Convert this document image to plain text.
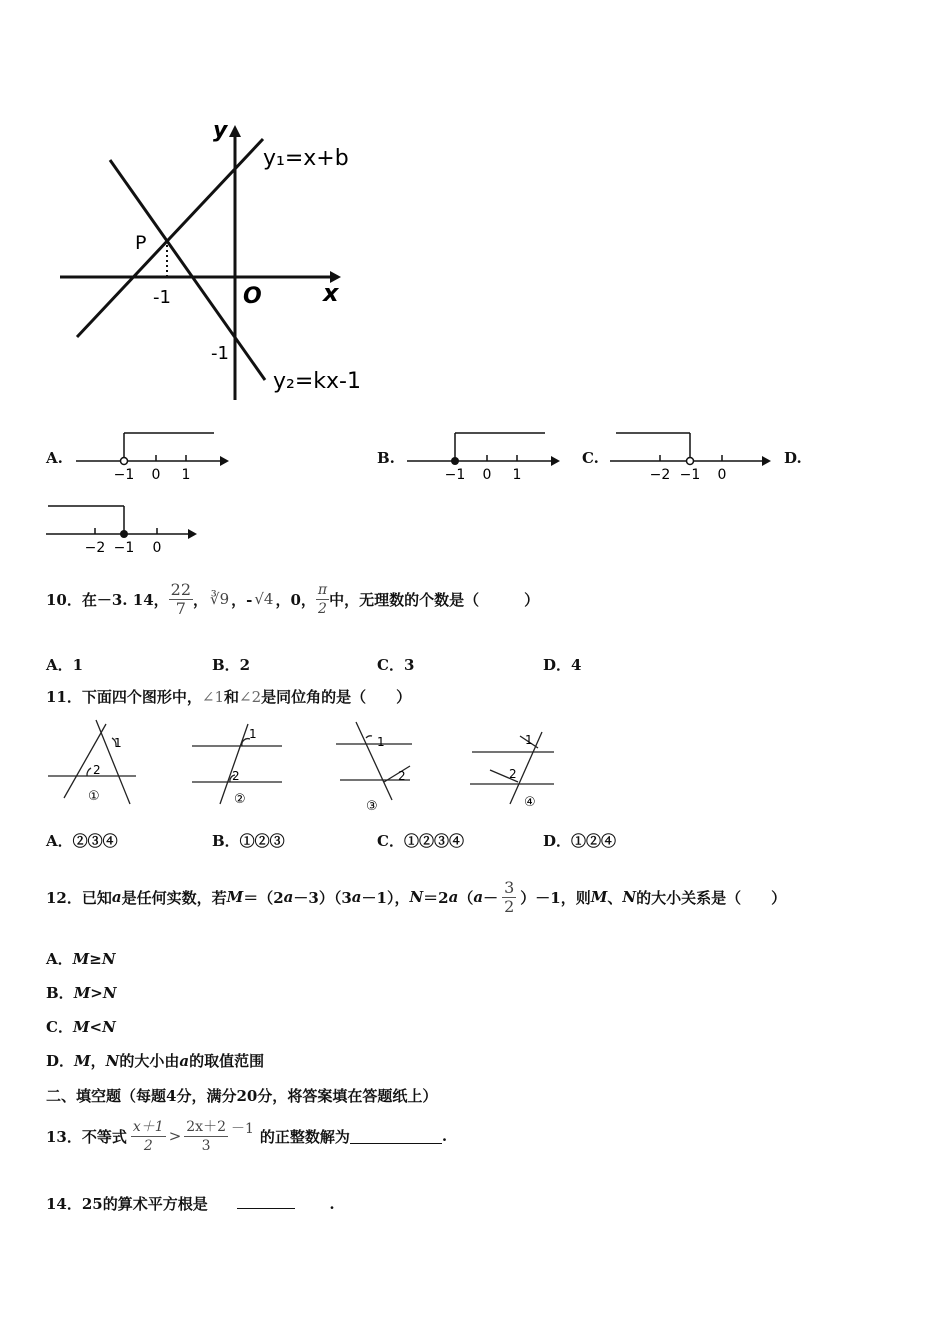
y
x
O
y₁=x+b
y₂=kx-1
P
-1
-1
A.
−1 0 1
B.
−1 0 1
C.
−2 −1 0
D.
−2 −1 0
10．在－3. 14， $\frac{22}{7}$ ， ∛9 ，- √4 ，0， $\frac{\pi}{2}$ 中，无理数的个数是（　　　）
A．1	B．2	C．3	D．4
11．下面四个图形中，∠1和∠2是同位角的是（　　）
1
2
1
2
1
2
1
2
①	②	③	④
A．②③④	B．①②③	C．①②③④	D．①②④
12．已知 a 是任何实数，若 M ＝（2 a －3）（3 a －1）， N ＝2 a （ $a - \frac{3}{2} )-1$，则 M 、 N 的大小关系是（　　）
A．M≥N
B．M>N
C．M<N
D．M，N的大小由a的取值范围
二、填空题（每题4分，满分20分，将答案填在答题纸上）
13．不等式 $\frac{x+1}{2} > \frac{2x+2}{3} -1$ 的正整数解为	.
14．25的算术平方根是	.
